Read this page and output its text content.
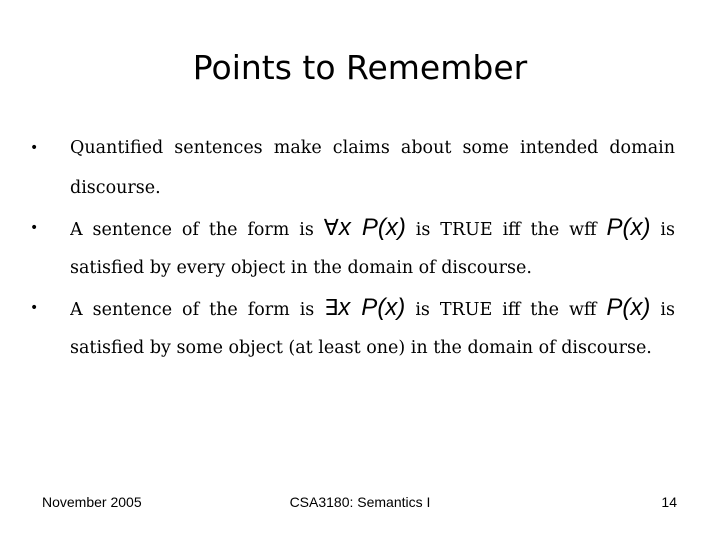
Points to Remember
• Quantified sentences make claims about some intended domain
discourse.
• A sentence of the form is ∀x P(x) is TRUE iff the wff P(x) is
satisfied by every object in the domain of discourse.
• A sentence of the form is ∃x P(x) is TRUE iff the wff P(x) is
satisfied by some object (at least one) in the domain of discourse.
November 2005	CSA3180: Semantics I	14
